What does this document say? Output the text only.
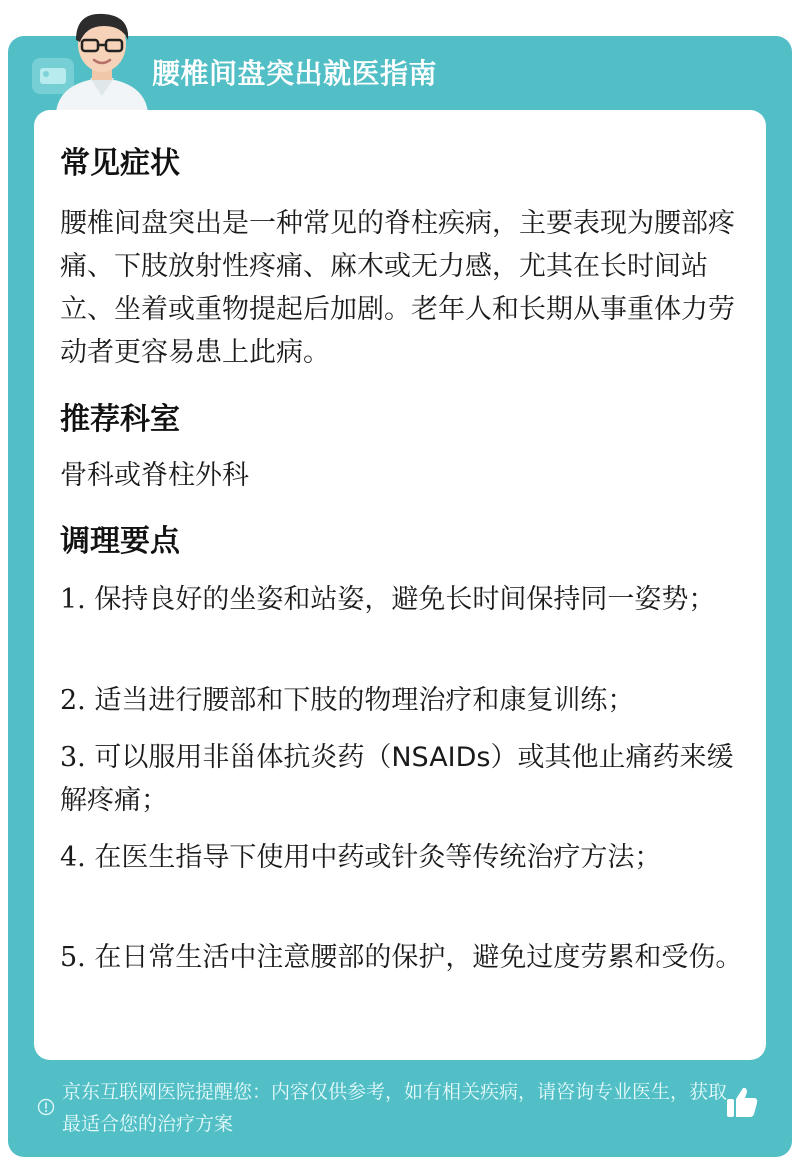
腰椎间盘突出就医指南
常见症状
腰椎间盘突出是一种常见的脊柱疾病，主要表现为腰部疼痛、下肢放射性疼痛、麻木或无力感，尤其在长时间站立、坐着或重物提起后加剧。老年人和长期从事重体力劳动者更容易患上此病。
推荐科室
骨科或脊柱外科
调理要点
1. 保持良好的坐姿和站姿，避免长时间保持同一姿势；
2. 适当进行腰部和下肢的物理治疗和康复训练；
3. 可以服用非甾体抗炎药（NSAIDs）或其他止痛药来缓解疼痛；
4. 在医生指导下使用中药或针灸等传统治疗方法；
5. 在日常生活中注意腰部的保护，避免过度劳累和受伤。
京东互联网医院提醒您：内容仅供参考，如有相关疾病，请咨询专业医生，获取最适合您的治疗方案
